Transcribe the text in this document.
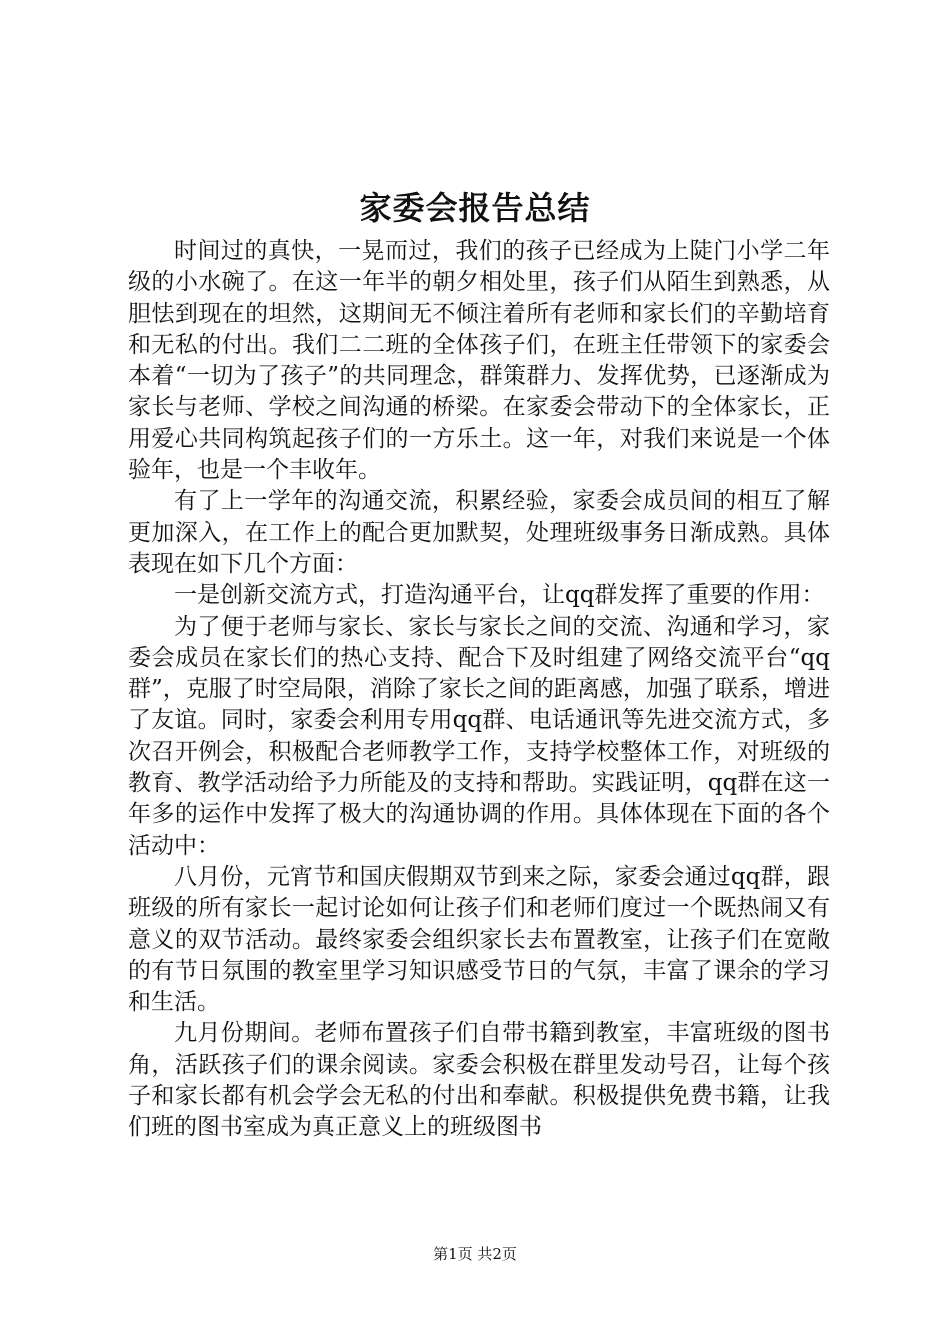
家委会报告总结

时间过的真快，一晃而过，我们的孩子已经成为上陡门小学二年级的小水碗了。在这一年半的朝夕相处里，孩子们从陌生到熟悉，从胆怯到现在的坦然，这期间无不倾注着所有老师和家长们的辛勤培育和无私的付出。我们二二班的全体孩子们，在班主任带领下的家委会本着“一切为了孩子”的共同理念，群策群力、发挥优势，已逐渐成为家长与老师、学校之间沟通的桥梁。在家委会带动下的全体家长，正用爱心共同构筑起孩子们的一方乐土。这一年，对我们来说是一个体验年，也是一个丰收年。

有了上一学年的沟通交流，积累经验，家委会成员间的相互了解更加深入，在工作上的配合更加默契，处理班级事务日渐成熟。具体表现在如下几个方面：

一是创新交流方式，打造沟通平台，让qq群发挥了重要的作用：

为了便于老师与家长、家长与家长之间的交流、沟通和学习，家委会成员在家长们的热心支持、配合下及时组建了网络交流平台“qq群”，克服了时空局限，消除了家长之间的距离感，加强了联系，增进了友谊。同时，家委会利用专用qq群、电话通讯等先进交流方式，多次召开例会，积极配合老师教学工作，支持学校整体工作，对班级的教育、教学活动给予力所能及的支持和帮助。实践证明，qq群在这一年多的运作中发挥了极大的沟通协调的作用。具体体现在下面的各个活动中：

八月份，元宵节和国庆假期双节到来之际，家委会通过qq群，跟班级的所有家长一起讨论如何让孩子们和老师们度过一个既热闹又有意义的双节活动。最终家委会组织家长去布置教室，让孩子们在宽敞的有节日氛围的教室里学习知识感受节日的气氛，丰富了课余的学习和生活。

九月份期间。老师布置孩子们自带书籍到教室，丰富班级的图书角，活跃孩子们的课余阅读。家委会积极在群里发动号召，让每个孩子和家长都有机会学会无私的付出和奉献。积极提供免费书籍，让我们班的图书室成为真正意义上的班级图书

第1页 共2页
